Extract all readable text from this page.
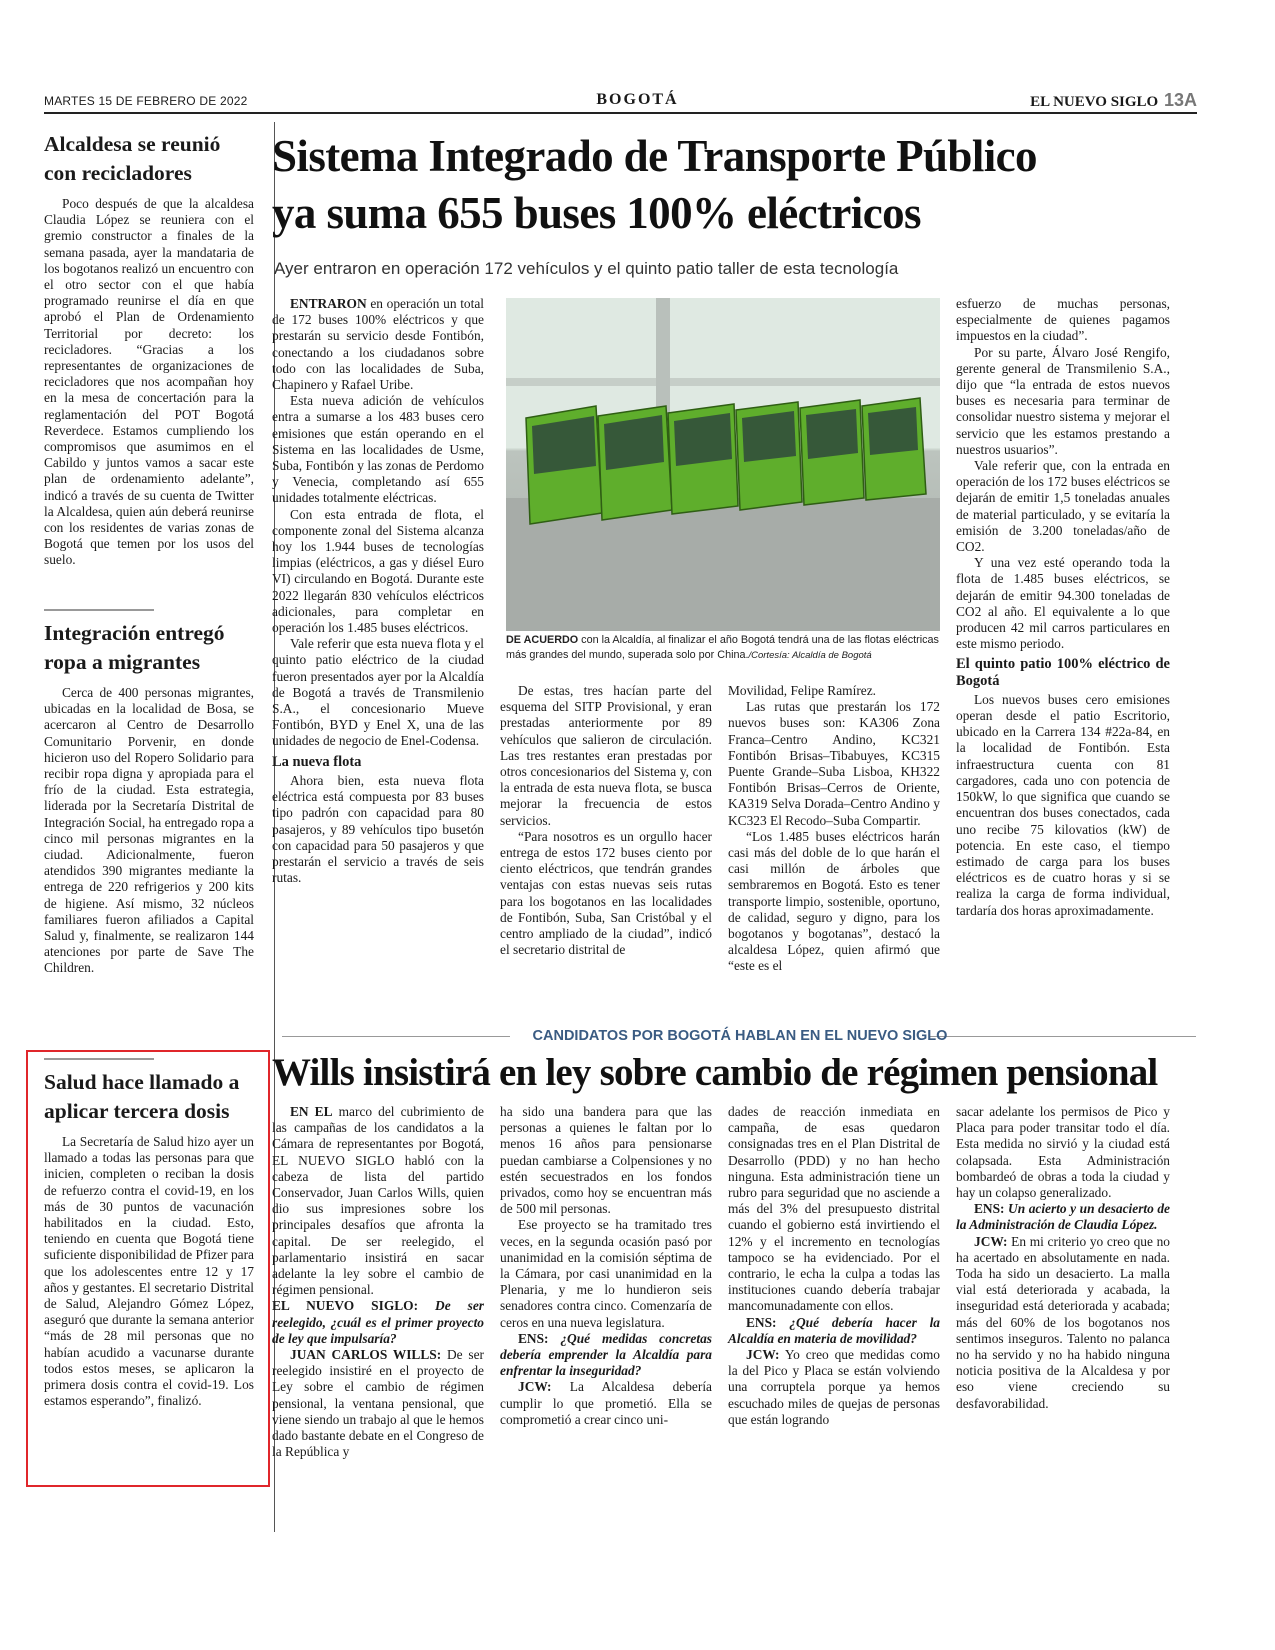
MARTES 15 DE FEBRERO DE 2022	BOGOTÁ	EL NUEVO SIGLO 13A
Alcaldesa se reunió con recicladores

Poco después de que la alcaldesa Claudia López se reuniera con el gremio constructor a finales de la semana pasada, ayer la mandataria de los bogotanos realizó un encuentro con el otro sector con el que había programado reunirse el día en que aprobó el Plan de Ordenamiento Territorial por decreto: los recicladores. “Gracias a los representantes de organizaciones de recicladores que nos acompañan hoy en la mesa de concertación para la reglamentación del POT Bogotá Reverdece. Estamos cumpliendo los compromisos que asumimos en el Cabildo y juntos vamos a sacar este plan de ordenamiento adelante”, indicó a través de su cuenta de Twitter la Alcaldesa, quien aún deberá reunirse con los residentes de varias zonas de Bogotá que temen por los usos del suelo.

Integración entregó ropa a migrantes

Cerca de 400 personas migrantes, ubicadas en la localidad de Bosa, se acercaron al Centro de Desarrollo Comunitario Porvenir, en donde hicieron uso del Ropero Solidario para recibir ropa digna y apropiada para el frío de la ciudad. Esta estrategia, liderada por la Secretaría Distrital de Integración Social, ha entregado ropa a cinco mil personas migrantes en la ciudad. Adicionalmente, fueron atendidos 390 migrantes mediante la entrega de 220 refrigerios y 200 kits de higiene. Así mismo, 32 núcleos familiares fueron afiliados a Capital Salud y, finalmente, se realizaron 144 atenciones por parte de Save The Children.

Salud hace llamado a aplicar tercera dosis

La Secretaría de Salud hizo ayer un llamado a todas las personas para que inicien, completen o reciban la dosis de refuerzo contra el covid-19, en los más de 30 puntos de vacunación habilitados en la ciudad. Esto, teniendo en cuenta que Bogotá tiene suficiente disponibilidad de Pfizer para que los adolescentes entre 12 y 17 años y gestantes. El secretario Distrital de Salud, Alejandro Gómez López, aseguró que durante la semana anterior “más de 28 mil personas que no habían acudido a vacunarse durante todos estos meses, se aplicaron la primera dosis contra el covid-19. Los estamos esperando”, finalizó.

Sistema Integrado de Transporte Público
ya suma 655 buses 100% eléctricos
Ayer entraron en operación 172 vehículos y el quinto patio taller de esta tecnología

ENTRARON en operación un total de 172 buses 100% eléctricos y que prestarán su servicio desde Fontibón, conectando a los ciudadanos sobre todo con las localidades de Suba, Chapinero y Rafael Uribe.

Esta nueva adición de vehículos entra a sumarse a los 483 buses cero emisiones que están operando en el Sistema en las localidades de Usme, Suba, Fontibón y las zonas de Perdomo y Venecia, completando así 655 unidades totalmente eléctricas.

Con esta entrada de flota, el componente zonal del Sistema alcanza hoy los 1.944 buses de tecnologías limpias (eléctricos, a gas y diésel Euro VI) circulando en Bogotá. Durante este 2022 llegarán 830 vehículos eléctricos adicionales, para completar en operación los 1.485 buses eléctricos.

Vale referir que esta nueva flota y el quinto patio eléctrico de la ciudad fueron presentados ayer por la Alcaldía de Bogotá a través de Transmilenio S.A., el concesionario Mueve Fontibón, BYD y Enel X, una de las unidades de negocio de Enel-Codensa.

La nueva flota

Ahora bien, esta nueva flota eléctrica está compuesta por 83 buses tipo padrón con capacidad para 80 pasajeros, y 89 vehículos tipo busetón con capacidad para 50 pasajeros y que prestarán el servicio a través de seis rutas.

DE ACUERDO con la Alcaldía, al finalizar el año Bogotá tendrá una de las flotas eléctricas más grandes del mundo, superada solo por China./Cortesía: Alcaldía de Bogotá

De estas, tres hacían parte del esquema del SITP Provisional, y eran prestadas anteriormente por 89 vehículos que salieron de circulación. Las tres restantes eran prestadas por otros concesionarios del Sistema y, con la entrada de esta nueva flota, se busca mejorar la frecuencia de estos servicios.

“Para nosotros es un orgullo hacer entrega de estos 172 buses ciento por ciento eléctricos, que tendrán grandes ventajas con estas nuevas seis rutas para los bogotanos en las localidades de Fontibón, Suba, San Cristóbal y el centro ampliado de la ciudad”, indicó el secretario distrital de

Movilidad, Felipe Ramírez.

Las rutas que prestarán los 172 nuevos buses son: KA306 Zona Franca–Centro Andino, KC321 Fontibón Brisas–Tibabuyes, KC315 Puente Grande–Suba Lisboa, KH322 Fontibón Brisas–Cerros de Oriente, KA319 Selva Dorada–Centro Andino y KC323 El Recodo–Suba Compartir.

“Los 1.485 buses eléctricos harán casi más del doble de lo que harán el casi millón de árboles que sembraremos en Bogotá. Esto es tener transporte limpio, sostenible, oportuno, de calidad, seguro y digno, para los bogotanos y bogotanas”, destacó la alcaldesa López, quien afirmó que “este es el

esfuerzo de muchas personas, especialmente de quienes pagamos impuestos en la ciudad”.

Por su parte, Álvaro José Rengifo, gerente general de Transmilenio S.A., dijo que “la entrada de estos nuevos buses es necesaria para terminar de consolidar nuestro sistema y mejorar el servicio que les estamos prestando a nuestros usuarios”.

Vale referir que, con la entrada en operación de los 172 buses eléctricos se dejarán de emitir 1,5 toneladas anuales de material particulado, y se evitaría la emisión de 3.200 toneladas/año de CO2.

Y una vez esté operando toda la flota de 1.485 buses eléctricos, se dejarán de emitir 94.300 toneladas de CO2 al año. El equivalente a lo que producen 42 mil carros particulares en este mismo periodo.

El quinto patio 100% eléctrico de Bogotá

Los nuevos buses cero emisiones operan desde el patio Escritorio, ubicado en la Carrera 134 #22a-84, en la localidad de Fontibón. Esta infraestructura cuenta con 81 cargadores, cada uno con potencia de 150kW, lo que significa que cuando se encuentran dos buses conectados, cada uno recibe 75 kilovatios (kW) de potencia. En este caso, el tiempo estimado de carga para los buses eléctricos es de cuatro horas y si se realiza la carga de forma individual, tardaría dos horas aproximadamente.

CANDIDATOS POR BOGOTÁ HABLAN EN EL NUEVO SIGLO
Wills insistirá en ley sobre cambio de régimen pensional

EN EL marco del cubrimiento de las campañas de los candidatos a la Cámara de representantes por Bogotá, EL NUEVO SIGLO habló con la cabeza de lista del partido Conservador, Juan Carlos Wills, quien dio sus impresiones sobre los principales desafíos que afronta la capital. De ser reelegido, el parlamentario insistirá en sacar adelante la ley sobre el cambio de régimen pensional.

EL NUEVO SIGLO: De ser reelegido, ¿cuál es el primer proyecto de ley que impulsaría?

JUAN CARLOS WILLS: De ser reelegido insistiré en el proyecto de Ley sobre el cambio de régimen pensional, la ventana pensional, que viene siendo un trabajo al que le hemos dado bastante debate en el Congreso de la República y

ha sido una bandera para que las personas a quienes le faltan por lo menos 16 años para pensionarse puedan cambiarse a Colpensiones y no estén secuestrados en los fondos privados, como hoy se encuentran más de 500 mil personas.

Ese proyecto se ha tramitado tres veces, en la segunda ocasión pasó por unanimidad en la comisión séptima de la Cámara, por casi unanimidad en la Plenaria, y me lo hundieron seis senadores contra cinco. Comenzaría de ceros en una nueva legislatura.

ENS: ¿Qué medidas concretas debería emprender la Alcaldía para enfrentar la inseguridad?

JCW: La Alcaldesa debería cumplir lo que prometió. Ella se comprometió a crear cinco uni-

dades de reacción inmediata en campaña, de esas quedaron consignadas tres en el Plan Distrital de Desarrollo (PDD) y no han hecho ninguna. Esta administración tiene un rubro para seguridad que no asciende a más del 3% del presupuesto distrital cuando el gobierno está invirtiendo el 12% y el incremento en tecnologías tampoco se ha evidenciado. Por el contrario, le echa la culpa a todas las instituciones cuando debería trabajar mancomunadamente con ellos.

ENS: ¿Qué debería hacer la Alcaldía en materia de movilidad?

JCW: Yo creo que medidas como la del Pico y Placa se están volviendo una corruptela porque ya hemos escuchado miles de quejas de personas que están logrando

sacar adelante los permisos de Pico y Placa para poder transitar todo el día. Esta medida no sirvió y la ciudad está colapsada. Esta Administración bombardeó de obras a toda la ciudad y hay un colapso generalizado.

ENS: Un acierto y un desacierto de la Administración de Claudia López.

JCW: En mi criterio yo creo que no ha acertado en absolutamente en nada. Toda ha sido un desacierto. La malla vial está deteriorada y acabada, la inseguridad está deteriorada y acabada; más del 60% de los bogotanos nos sentimos inseguros. Talento no palanca no ha servido y no ha habido ninguna noticia positiva de la Alcaldesa y por eso viene creciendo su desfavorabilidad.
